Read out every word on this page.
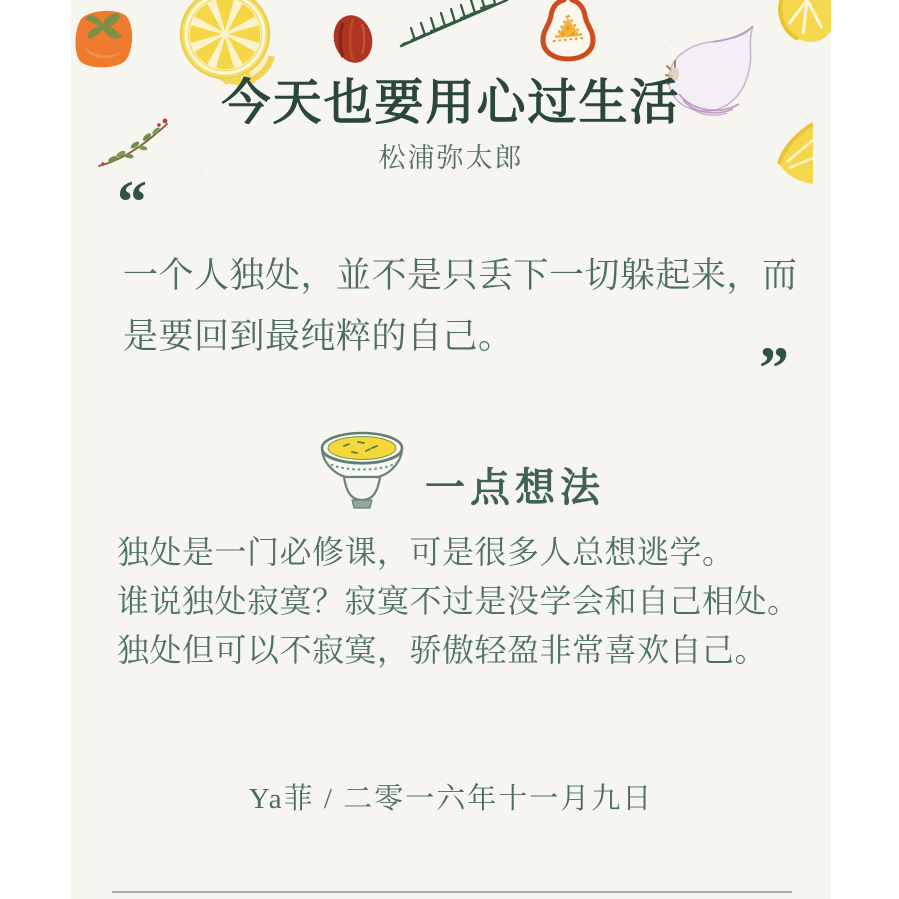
今天也要用心过生活
松浦弥太郎
“
一个人独处，並不是只丢下一切躲起来，而
是要回到最纯粹的自己。	”
一点想法
独处是一门必修课，可是很多人总想逃学。
谁说独处寂寞？寂寞不过是没学会和自己相处。
独处但可以不寂寞，骄傲轻盈非常喜欢自己。
Ya菲 / 二零一六年十一月九日
